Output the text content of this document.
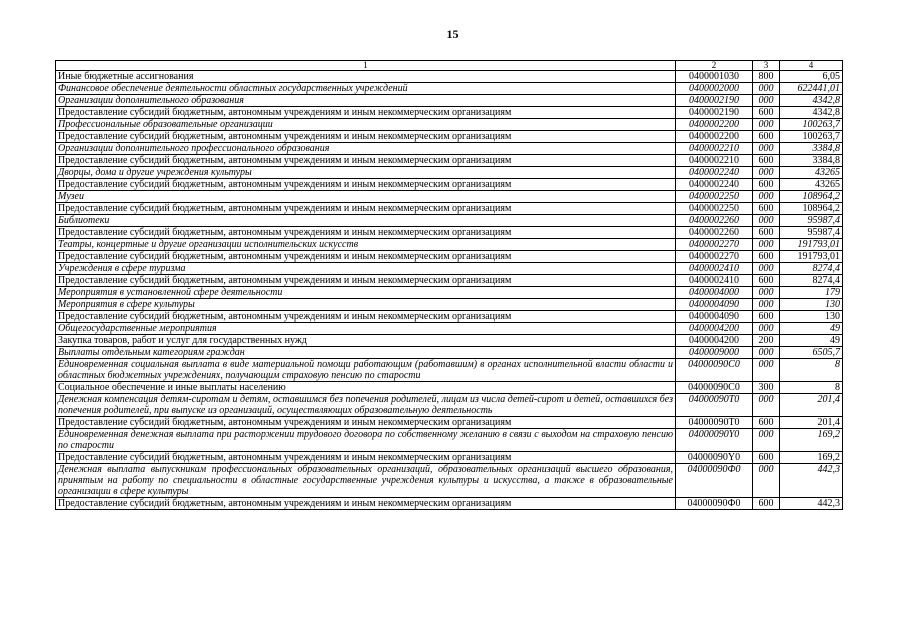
15
1	2	3	4
Иные бюджетные ассигнования	0400001030	800	6,05
Финансовое обеспечение деятельности областных государственных учреждений	0400002000	000	622441,01
Организации дополнительного образования	0400002190	000	4342,8
Предоставление субсидий бюджетным, автономным учреждениям и иным некоммерческим организациям	0400002190	600	4342,8
Профессиональные образовательные организации	0400002200	000	100263,7
Предоставление субсидий бюджетным, автономным учреждениям и иным некоммерческим организациям	0400002200	600	100263,7
Организации дополнительного профессионального образования	0400002210	000	3384,8
Предоставление субсидий бюджетным, автономным учреждениям и иным некоммерческим организациям	0400002210	600	3384,8
Дворцы, дома и другие учреждения культуры	0400002240	000	43265
Предоставление субсидий бюджетным, автономным учреждениям и иным некоммерческим организациям	0400002240	600	43265
Музеи	0400002250	000	108964,2
Предоставление субсидий бюджетным, автономным учреждениям и иным некоммерческим организациям	0400002250	600	108964,2
Библиотеки	0400002260	000	95987,4
Предоставление субсидий бюджетным, автономным учреждениям и иным некоммерческим организациям	0400002260	600	95987,4
Театры, концертные и другие организации исполнительских искусств	0400002270	000	191793,01
Предоставление субсидий бюджетным, автономным учреждениям и иным некоммерческим организациям	0400002270	600	191793,01
Учреждения в сфере туризма	0400002410	000	8274,4
Предоставление субсидий бюджетным, автономным учреждениям и иным некоммерческим организациям	0400002410	600	8274,4
Мероприятия в установленной сфере деятельности	0400004000	000	179
Мероприятия в сфере культуры	0400004090	000	130
Предоставление субсидий бюджетным, автономным учреждениям и иным некоммерческим организациям	0400004090	600	130
Общегосударственные мероприятия	0400004200	000	49
Закупка товаров, работ и услуг для государственных нужд	0400004200	200	49
Выплаты отдельным категориям граждан	0400009000	000	6505,7
Единовременная социальная выплата в виде материальной помощи работающим (работавшим) в органах исполнительной власти области и областных бюджетных учреждениях, получающим страховую пенсию по старости	04000090C0	000	8
Социальное обеспечение и иные выплаты населению	04000090C0	300	8
Денежная компенсация детям-сиротам и детям, оставшимся без попечения родителей, лицам из числа детей-сирот и детей, оставшихся без попечения родителей, при выпуске из организаций, осуществляющих образовательную деятельность	04000090T0	000	201,4
Предоставление субсидий бюджетным, автономным учреждениям и иным некоммерческим организациям	04000090T0	600	201,4
Единовременная денежная выплата при расторжении трудового договора по собственному желанию в связи с выходом на страховую пенсию по старости	04000090Y0	000	169,2
Предоставление субсидий бюджетным, автономным учреждениям и иным некоммерческим организациям	04000090Y0	600	169,2
Денежная выплата выпускникам профессиональных образовательных организаций, образовательных организаций высшего образования, принятым на работу по специальности в областные государственные учреждения культуры и искусства, а также в образовательные организации в сфере культуры	04000090Ф0	000	442,3
Предоставление субсидий бюджетным, автономным учреждениям и иным некоммерческим организациям	04000090Ф0	600	442,3
